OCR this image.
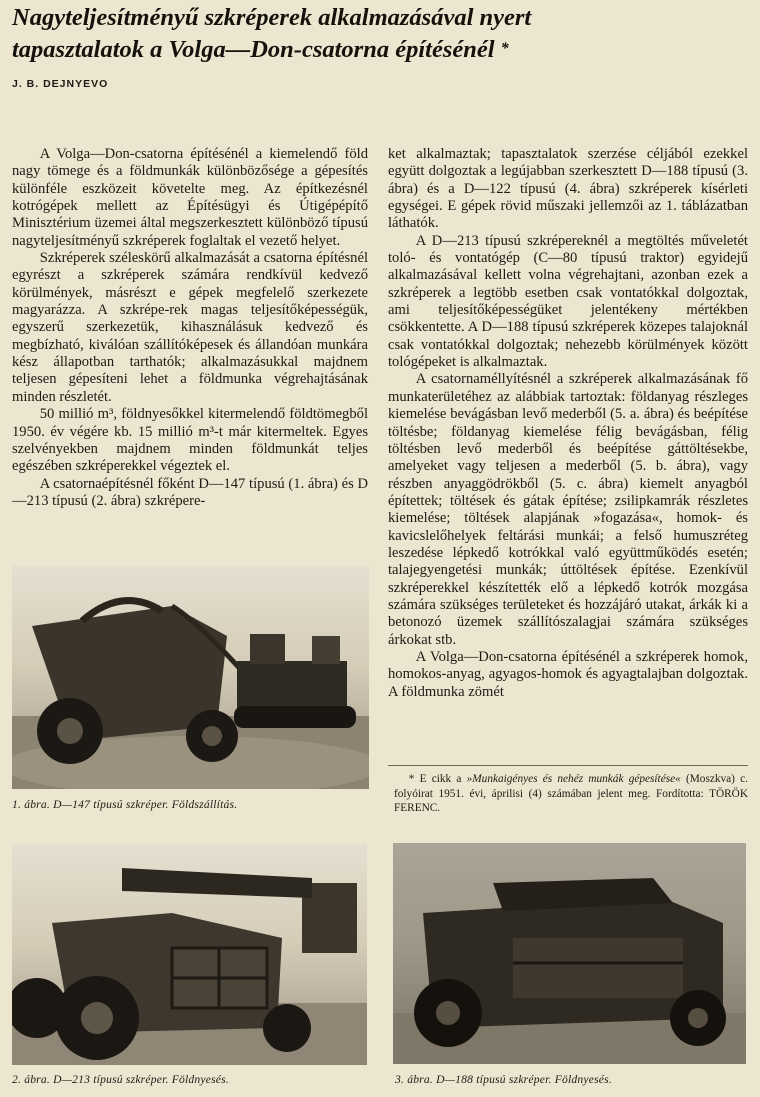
Nagyteljesítményű szkréperek alkalmazásával nyert
tapasztalatok a Volga—Don-csatorna építésénél *
J. B. DEJNYEVO

A Volga—Don-csatorna építésénél a kiemelendő föld nagy tömege és a földmunkák különbözősége a gépesítés különféle eszközeit követelte meg. Az építkezésnél kotrógépek mellett az Építésügyi és Útigépépítő Minisztérium üzemei által megszerkesztett különböző típusú nagyteljesítményű szkréperek foglaltak el vezető helyet.

Szkréperek széleskörű alkalmazását a csatorna építésnél egyrészt a szkréperek számára rendkívül kedvező körülmények, másrészt e gépek megfelelő szerkezete magyarázza. A szkrépe-rek magas teljesítőképességük, egyszerű szerkezetük, kihasználásuk kedvező és megbízható, kiválóan szállítóképesek és állandóan munkára kész állapotban tarthatók; alkalmazásukkal majdnem teljesen gépesíteni lehet a földmunka végrehajtásának minden részletét.

50 millió m³, földnyesőkkel kitermelendő földtömegből 1950. év végére kb. 15 millió m³-t már kitermeltek. Egyes szelvényekben majdnem minden földmunkát teljes egészében szkréperekkel végeztek el.

A csatornaépítésnél főként D—147 típusú (1. ábra) és D—213 típusú (2. ábra) szkrépere-

ket alkalmaztak; tapasztalatok szerzése céljából ezekkel együtt dolgoztak a legújabban szerkesztett D—188 típusú (3. ábra) és a D—122 típusú (4. ábra) szkréperek kísérleti egységei. E gépek rövid műszaki jellemzői az 1. táblázatban láthatók.

A D—213 típusú szkrépereknél a megtöltés műveletét toló- és vontatógép (C—80 típusú traktor) egyidejű alkalmazásával kellett volna végrehajtani, azonban ezek a szkréperek a legtöbb esetben csak vontatókkal dolgoztak, ami teljesítőképességüket jelentékeny mértékben csökkentette. A D—188 típusú szkréperek közepes talajoknál csak vontatókkal dolgoztak; nehezebb körülmények között tológépeket is alkalmaztak.

A csatornaméllyítésnél a szkréperek alkalmazásának fő munkaterületéhez az alábbiak tartoztak: földanyag részleges kiemelése bevágásban levő mederből (5. a. ábra) és beépítése töltésbe; földanyag kiemelése félig bevágásban, félig töltésben levő mederből és beépítése gáttöltésekbe, amelyeket vagy teljesen a mederből (5. b. ábra), vagy részben anyaggödrökből (5. c. ábra) kiemelt anyagból építettek; töltések és gátak építése; zsilipkamrák részletes kiemelése; töltések alapjának »fogazása«, homok- és kavicslelőhelyek feltárási munkái; a felső humuszréteg leszedése lépkedő kotrókkal való együttműködés esetén; talajegyengetési munkák; úttöltések építése. Ezenkívül szkréperekkel készítették elő a lépkedő kotrók mozgása számára szükséges területeket és hozzájáró utakat, árkák ki a betonozó üzemek szállítószalagjai számára szükséges árkokat stb.

A Volga—Don-csatorna építésénél a szkréperek homok, homokos-anyag, agyagos-homok és agyagtalajban dolgoztak. A földmunka zömét

* E cikk a »Munkaigényes és nehéz munkák gépesítése« (Moszkva) c. folyóirat 1951. évi, áprilisi (4) számában jelent meg. Fordította: TÖRÖK FERENC.

1. ábra. D—147 típusú szkréper. Földszállítás.
2. ábra. D—213 típusú szkréper. Földnyesés.	3. ábra. D—188 típusú szkréper. Földnyesés.
